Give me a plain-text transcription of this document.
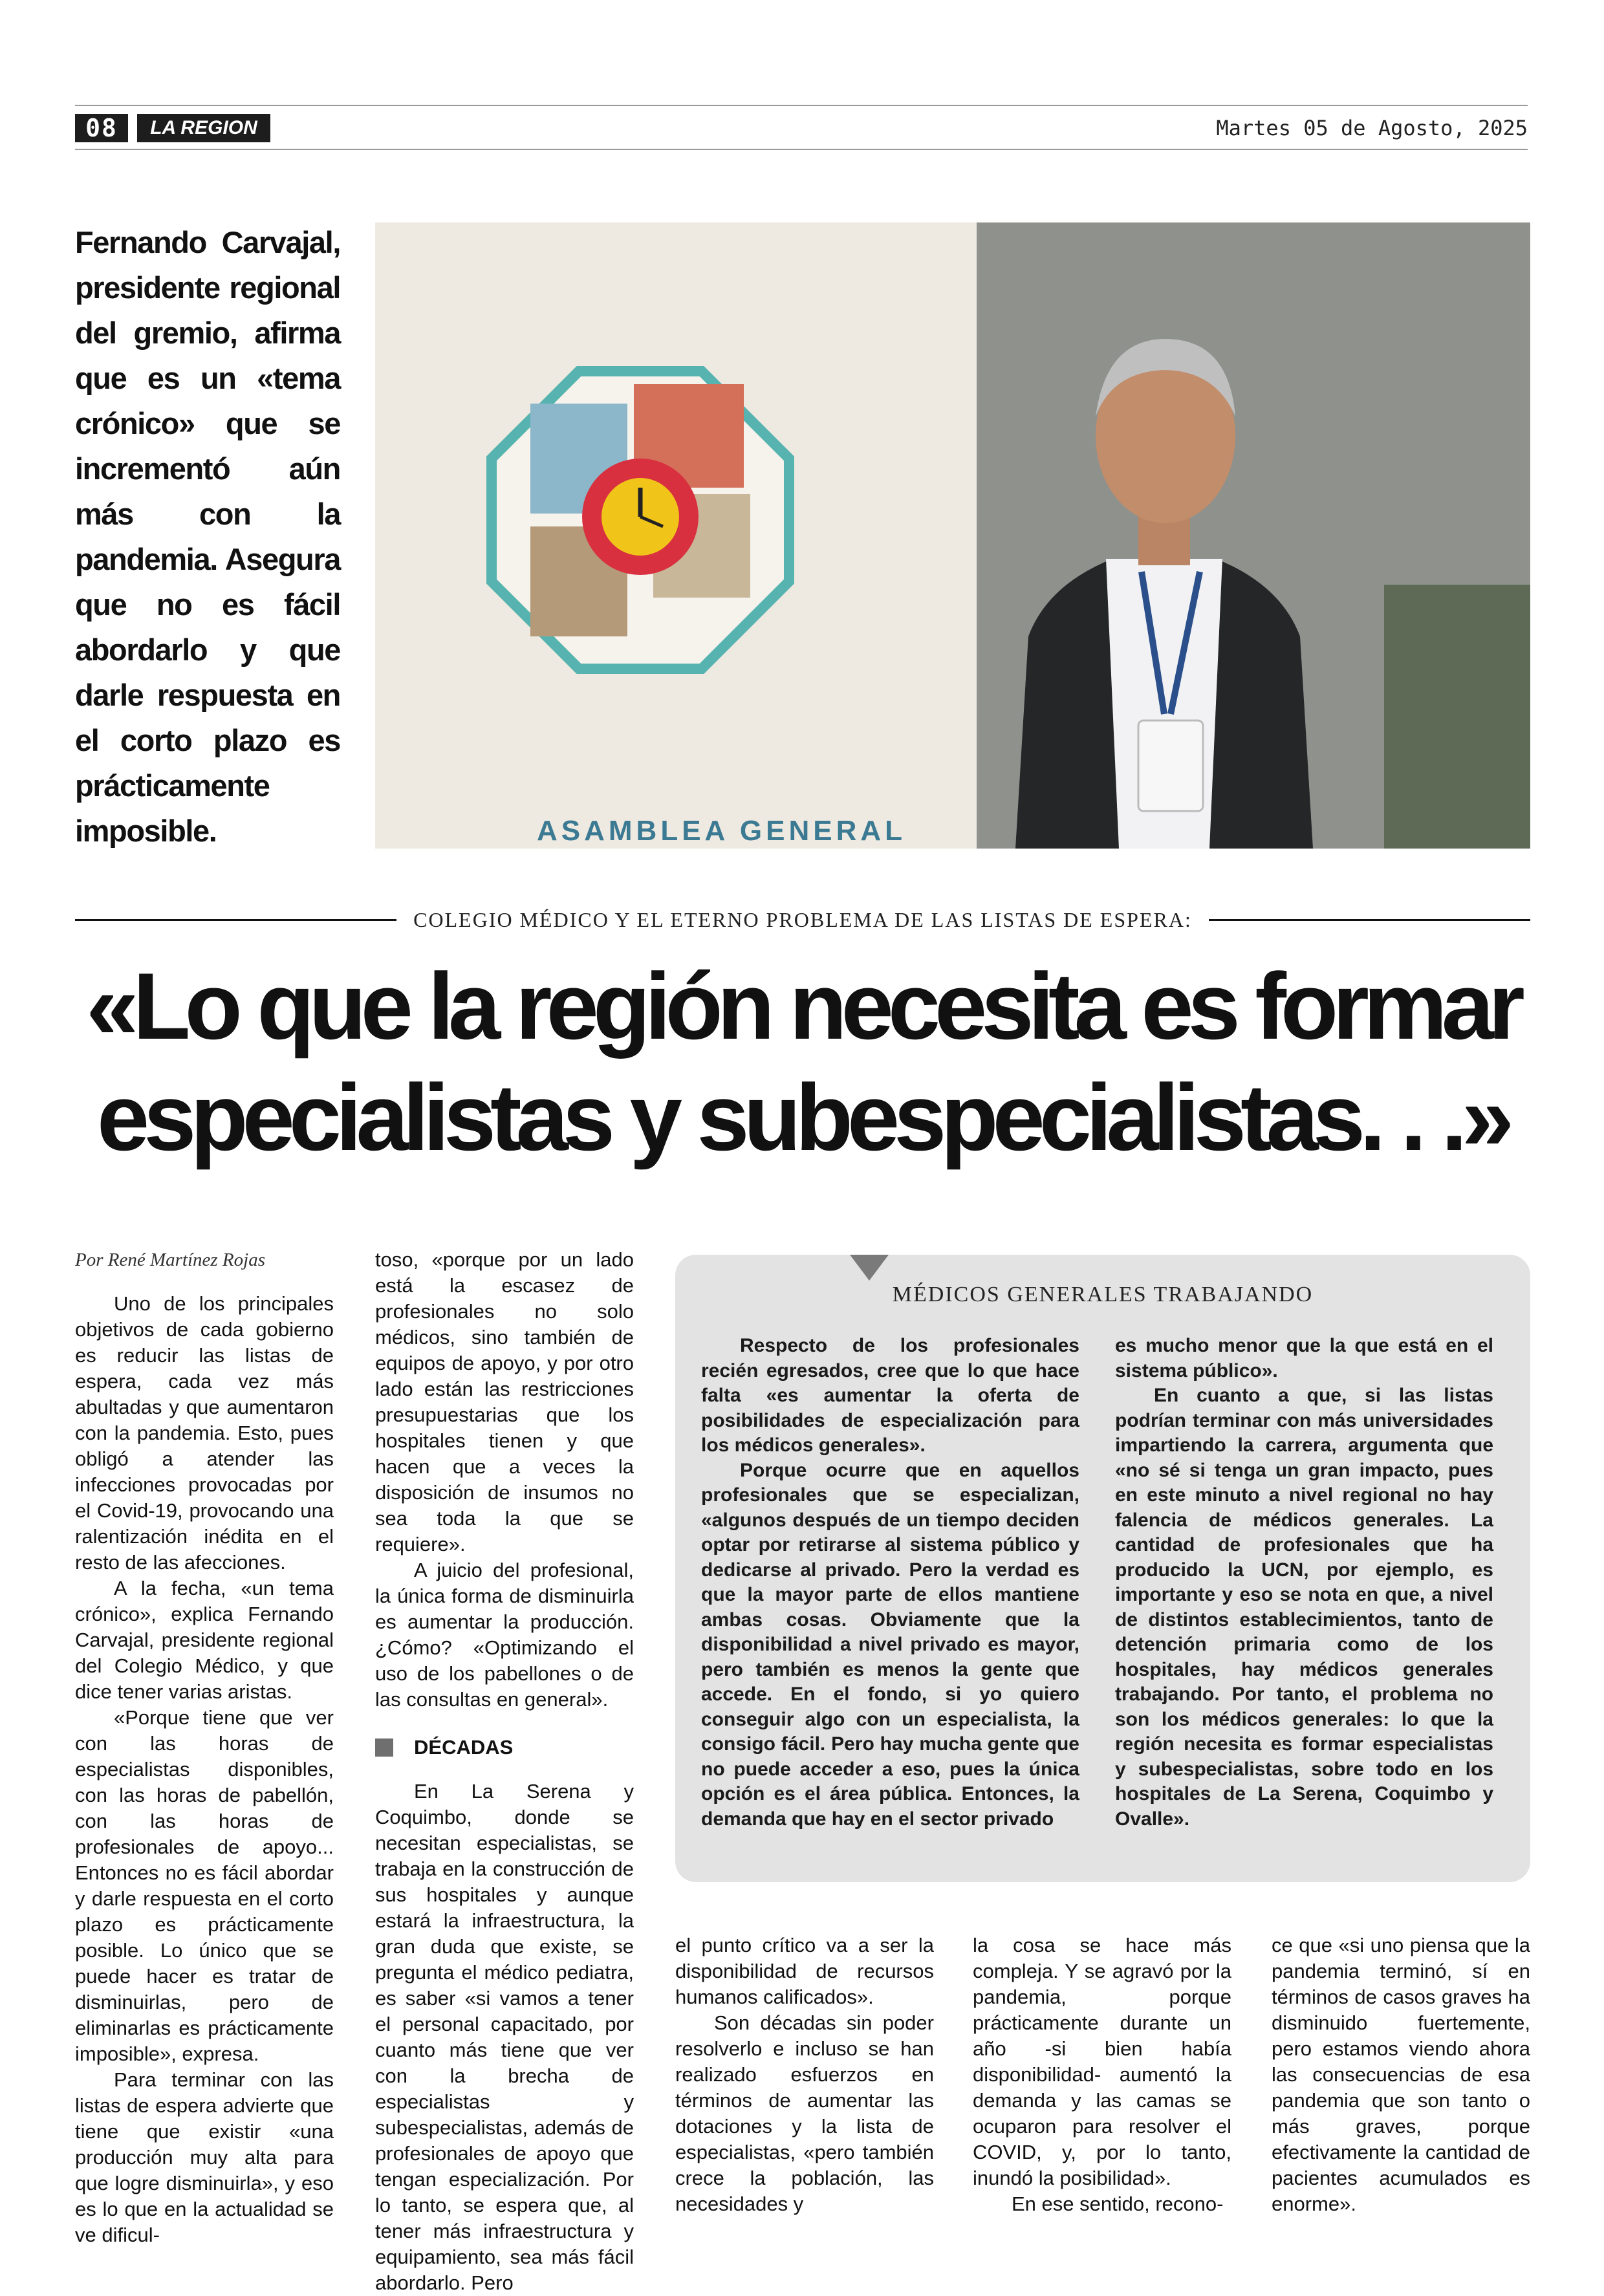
08	LA REGION	Martes 05 de Agosto, 2025

Fernando Carvajal, presidente regional del gremio, afirma que es un «tema crónico» que se incrementó aún más con la pandemia. Asegura que no es fácil abordarlo y que darle respuesta en el corto plazo es prácticamente imposible.	ASAMBLEA GENERAL
COLEGIO MÉDICO Y EL ETERNO PROBLEMA DE LAS LISTAS DE ESPERA:
«Lo que la región necesita es formar especialistas y subespecialistas. . .»
Por René Martínez Rojas

Uno de los principales objetivos de cada gobierno es reducir las listas de espera, cada vez más abultadas y que aumentaron con la pandemia. Esto, pues obligó a atender las infecciones provocadas por el Covid-19, provocando una ralentización inédita en el resto de las afecciones.

A la fecha, «un tema crónico», explica Fernando Carvajal, presidente regional del Colegio Médico, y que dice tener varias aristas.

«Porque tiene que ver con las horas de especialistas disponibles, con las horas de pabellón, con las horas de profesionales de apoyo... Entonces no es fácil abordar y darle respuesta en el corto plazo es prácticamente posible. Lo único que se puede hacer es tratar de disminuirlas, pero de eliminarlas es prácticamente imposible», expresa.

Para terminar con las listas de espera advierte que tiene que existir «una producción muy alta para que logre disminuirla», y eso es lo que en la actualidad se ve dificul-

toso, «porque por un lado está la escasez de profesionales no solo médicos, sino también de equipos de apoyo, y por otro lado están las restricciones presupuestarias que los hospitales tienen y que hacen que a veces la disposición de insumos no sea toda la que se requiere».

A juicio del profesional, la única forma de disminuirla es aumentar la producción. ¿Cómo? «Optimizando el uso de los pabellones o de las consultas en general».

DÉCADAS

En La Serena y Coquimbo, donde se necesitan especialistas, se trabaja en la construcción de sus hospitales y aunque estará la infraestructura, la gran duda que existe, se pregunta el médico pediatra, es saber «si vamos a tener el personal capacitado, por cuanto más tiene que ver con la brecha de especialistas y subespecialistas, además de profesionales de apoyo que tengan especialización. Por lo tanto, se espera que, al tener más infraestructura y equipamiento, sea más fácil abordarlo. Pero

MÉDICOS GENERALES TRABAJANDO

Respecto de los profesionales recién egresados, cree que lo que hace falta «es aumentar la oferta de posibilidades de especialización para los médicos generales».

Porque ocurre que en aquellos profesionales que se especializan, «algunos después de un tiempo deciden optar por retirarse al sistema público y dedicarse al privado. Pero la verdad es que la mayor parte de ellos mantiene ambas cosas. Obviamente que la disponibilidad a nivel privado es mayor, pero también es menos la gente que accede. En el fondo, si yo quiero conseguir algo con un especialista, la consigo fácil. Pero hay mucha gente que no puede acceder a eso, pues la única opción es el área pública. Entonces, la demanda que hay en el sector privado

es mucho menor que la que está en el sistema público».

En cuanto a que, si las listas podrían terminar con más universidades impartiendo la carrera, argumenta que «no sé si tenga un gran impacto, pues en este minuto a nivel regional no hay falencia de médicos generales. La cantidad de profesionales que ha producido la UCN, por ejemplo, es importante y eso se nota en que, a nivel de distintos establecimientos, tanto de detención primaria como de los hospitales, hay médicos generales trabajando. Por tanto, el problema no son los médicos generales: lo que la región necesita es formar especialistas y subespecialistas, sobre todo en los hospitales de La Serena, Coquimbo y Ovalle».

el punto crítico va a ser la disponibilidad de recursos humanos calificados».

Son décadas sin poder resolverlo e incluso se han realizado esfuerzos en términos de aumentar las dotaciones y la lista de especialistas, «pero también crece la población, las necesidades y

la cosa se hace más compleja. Y se agravó por la pandemia, porque prácticamente durante un año -si bien había disponibilidad- aumentó la demanda y las camas se ocuparon para resolver el COVID, y, por lo tanto, inundó la posibilidad».

En ese sentido, recono-

ce que «si uno piensa que la pandemia terminó, sí en términos de casos graves ha disminuido fuertemente, pero estamos viendo ahora las consecuencias de esa pandemia que son tanto o más graves, porque efectivamente la cantidad de pacientes acumulados es enorme».
